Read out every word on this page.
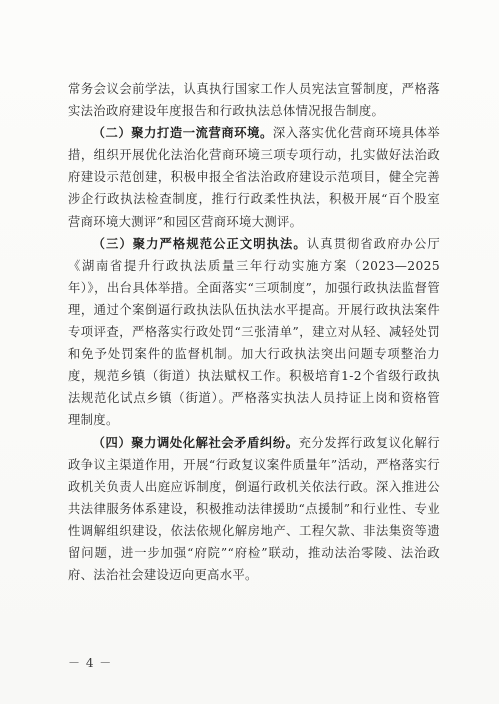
常务会议会前学法，认真执行国家工作人员宪法宣誓制度，严格落实法治政府建设年度报告和行政执法总体情况报告制度。

（二）聚力打造一流营商环境。深入落实优化营商环境具体举措，组织开展优化法治化营商环境三项专项行动，扎实做好法治政府建设示范创建，积极申报全省法治政府建设示范项目，健全完善涉企行政执法检查制度，推行行政柔性执法，积极开展“百个股室营商环境大测评”和园区营商环境大测评。

（三）聚力严格规范公正文明执法。认真贯彻省政府办公厅《湖南省提升行政执法质量三年行动实施方案（2023—2025年）》，出台具体举措。全面落实“三项制度”，加强行政执法监督管理，通过个案倒逼行政执法队伍执法水平提高。开展行政执法案件专项评查，严格落实行政处罚“三张清单”，建立对从轻、减轻处罚和免予处罚案件的监督机制。加大行政执法突出问题专项整治力度，规范乡镇（街道）执法赋权工作。积极培育1-2个省级行政执法规范化试点乡镇（街道）。严格落实执法人员持证上岗和资格管理制度。

（四）聚力调处化解社会矛盾纠纷。充分发挥行政复议化解行政争议主渠道作用，开展“行政复议案件质量年”活动，严格落实行政机关负责人出庭应诉制度，倒逼行政机关依法行政。深入推进公共法律服务体系建设，积极推动法律援助“点援制”和行业性、专业性调解组织建设，依法依规化解房地产、工程欠款、非法集资等遗留问题，进一步加强“府院”“府检”联动，推动法治零陵、法治政府、法治社会建设迈向更高水平。

－ 4 －
